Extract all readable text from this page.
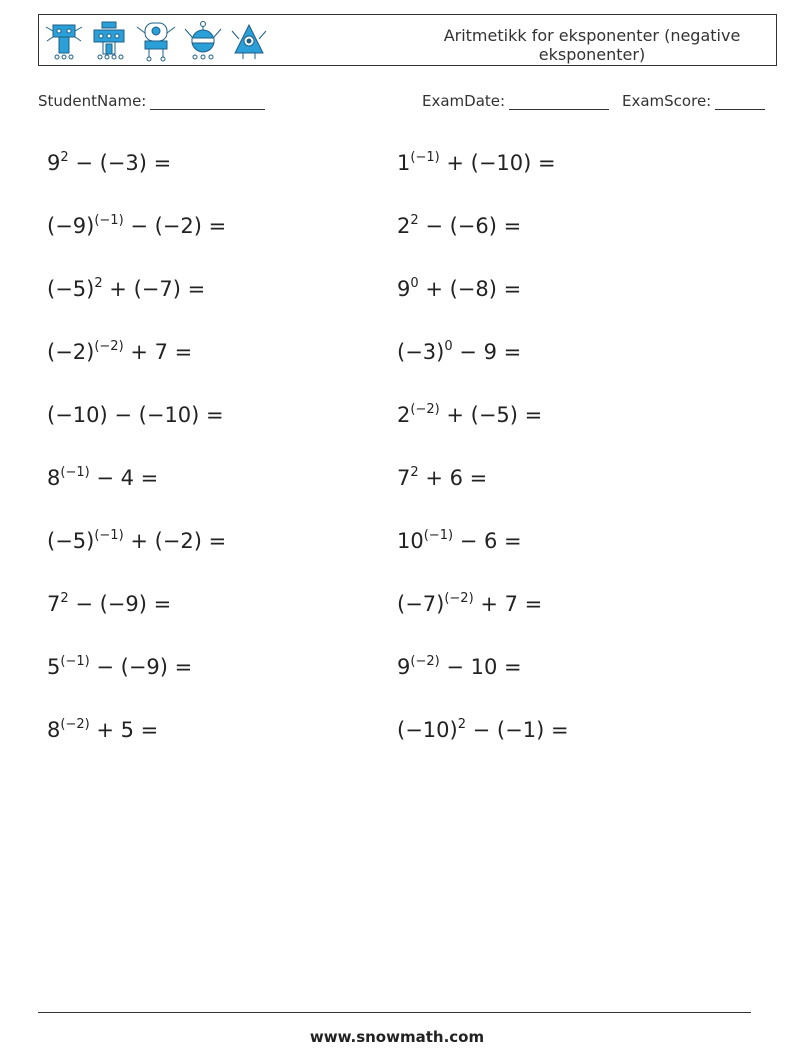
Aritmetikk for eksponenter (negative eksponenter)
StudentName:	ExamDate:	ExamScore:
$9^2 - (-3)$ =
$(-9)^{(-1)} - (-2)$ =
$(-5)^2 + (-7)$ =
$(-2)^{(-2)} + 7$ =
(−10) − (−10) =
$8^{(-1)} - 4$ =
$(-5)^{(-1)} + (-2)$ =
$7^2 - (-9)$ =
$5^{(-1)} - (-9)$ =
$8^{(-2)} + 5$ =
$1^{(-1)} + (-10)$ =
$2^2 - (-6)$ =
$9^0 + (-8)$ =
$(-3)^0 - 9$ =
$2^{(-2)} + (-5)$ =
$7^2 + 6$ =
$10^{(-1)} - 6$ =
$(-7)^{(-2)} + 7$ =
$9^{(-2)} - 10$ =
$(-10)^2 - (-1)$ =
www.snowmath.com
